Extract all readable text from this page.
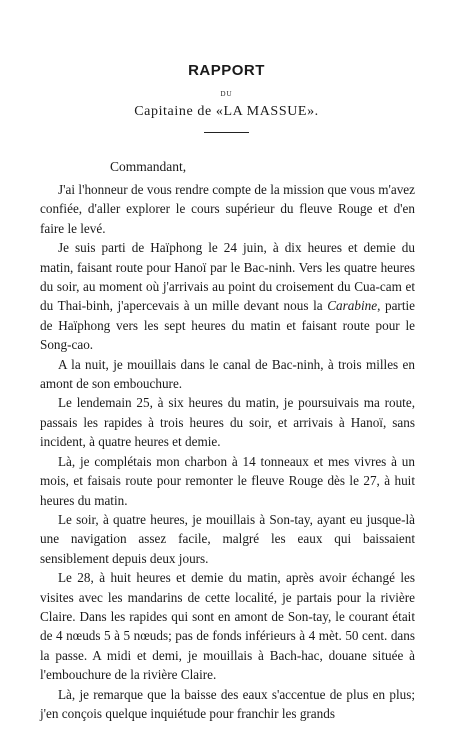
RAPPORT
DU
Capitaine de «LA MASSUE».
Commandant,

J'ai l'honneur de vous rendre compte de la mission que vous m'avez confiée, d'aller explorer le cours supérieur du fleuve Rouge et d'en faire le levé.

Je suis parti de Haïphong le 24 juin, à dix heures et demie du matin, faisant route pour Hanoï par le Bac-ninh. Vers les quatre heures du soir, au moment où j'arrivais au point du croisement du Cua-cam et du Thai-binh, j'apercevais à un mille devant nous la Carabine, partie de Haïphong vers les sept heures du matin et faisant route pour le Song-cao.

A la nuit, je mouillais dans le canal de Bac-ninh, à trois milles en amont de son embouchure.

Le lendemain 25, à six heures du matin, je poursuivais ma route, passais les rapides à trois heures du soir, et arrivais à Hanoï, sans incident, à quatre heures et demie.

Là, je complétais mon charbon à 14 tonneaux et mes vivres à un mois, et faisais route pour remonter le fleuve Rouge dès le 27, à huit heures du matin.

Le soir, à quatre heures, je mouillais à Son-tay, ayant eu jusque-là une navigation assez facile, malgré les eaux qui baissaient sensiblement depuis deux jours.

Le 28, à huit heures et demie du matin, après avoir échangé les visites avec les mandarins de cette localité, je partais pour la rivière Claire. Dans les rapides qui sont en amont de Son-tay, le courant était de 4 nœuds 5 à 5 nœuds; pas de fonds inférieurs à 4 mèt. 50 cent. dans la passe. A midi et demi, je mouillais à Bach-hac, douane située à l'embouchure de la rivière Claire.

Là, je remarque que la baisse des eaux s'accentue de plus en plus; j'en conçois quelque inquiétude pour franchir les grands
